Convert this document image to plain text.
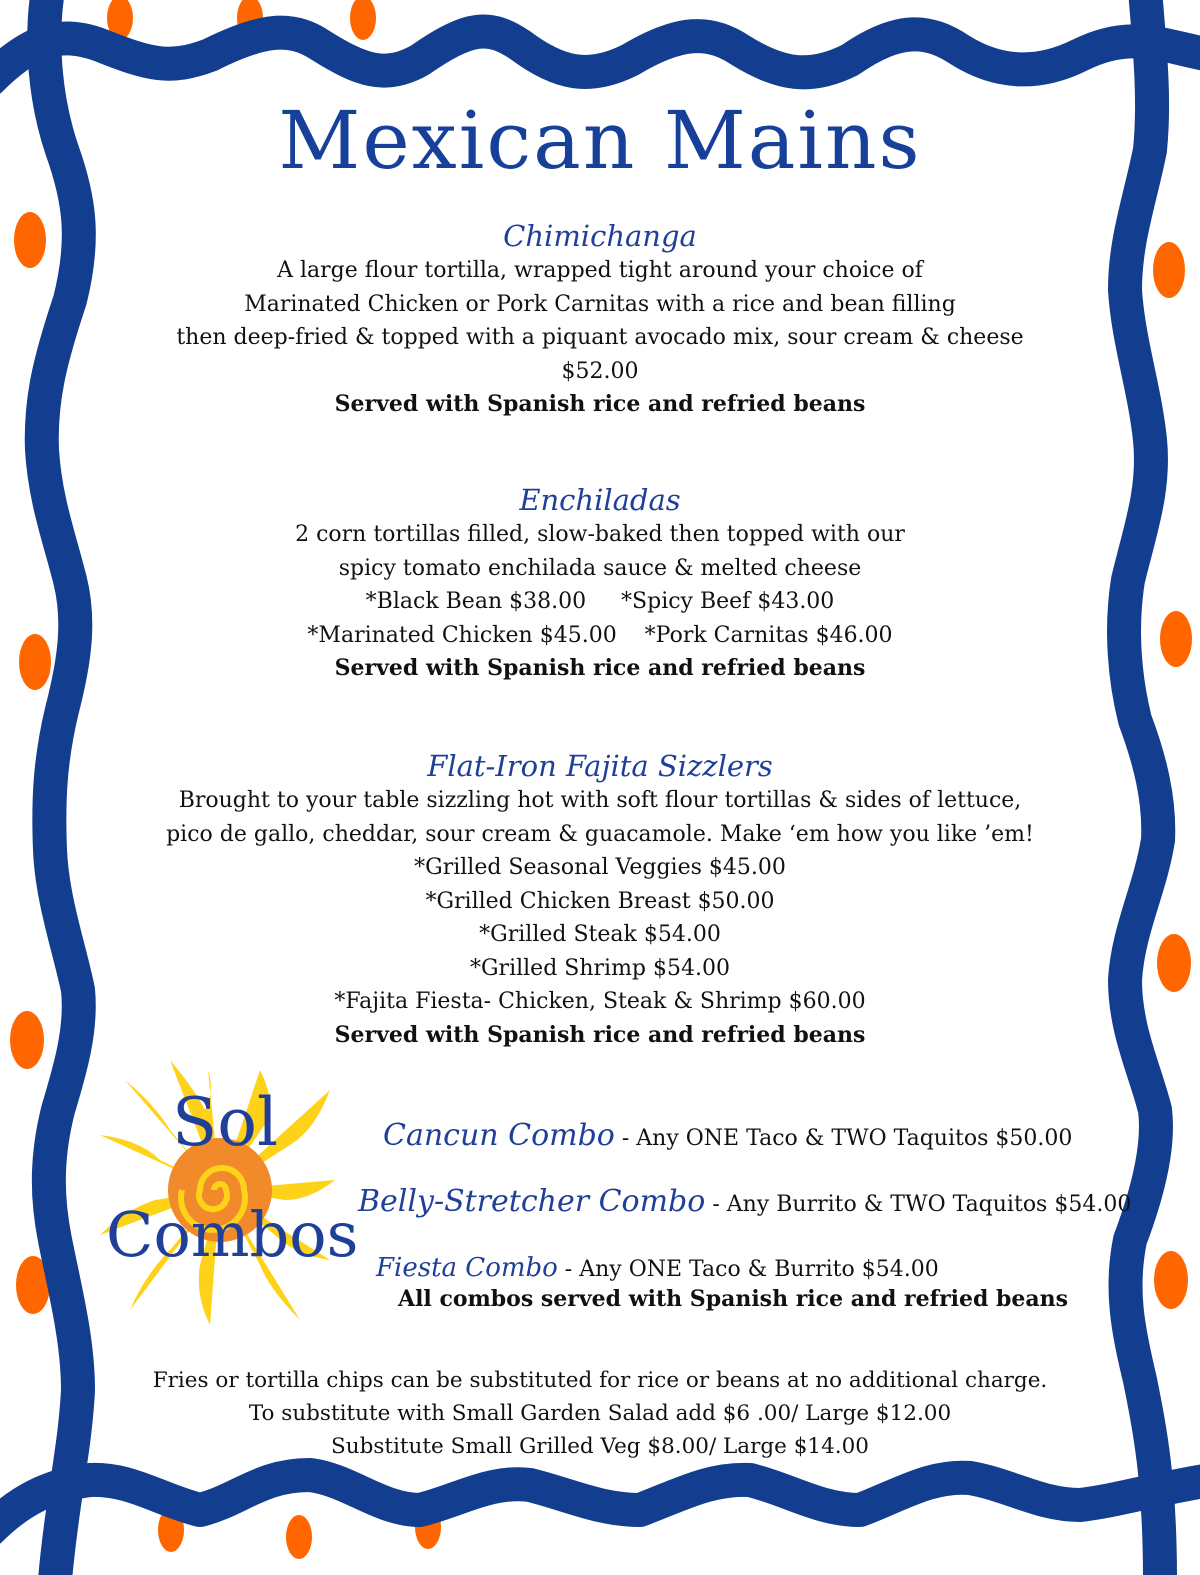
Mexican Mains
Chimichanga
A large flour tortilla, wrapped tight around your choice of
Marinated Chicken or Pork Carnitas with a rice and bean filling
then deep-fried & topped with a piquant avocado mix, sour cream & cheese
$52.00
Served with Spanish rice and refried beans
Enchiladas
2 corn tortillas filled, slow-baked then topped with our
spicy tomato enchilada sauce & melted cheese
*Black Bean $38.00     *Spicy Beef $43.00
*Marinated Chicken $45.00    *Pork Carnitas $46.00
Served with Spanish rice and refried beans
Flat-Iron Fajita Sizzlers
Brought to your table sizzling hot with soft flour tortillas & sides of lettuce,
pico de gallo, cheddar, sour cream & guacamole. Make ‘em how you like ’em!
*Grilled Seasonal Veggies $45.00
*Grilled Chicken Breast $50.00
*Grilled Steak $54.00
*Grilled Shrimp $54.00
*Fajita Fiesta- Chicken, Steak & Shrimp $60.00
Served with Spanish rice and refried beans
Sol
Combos
Cancun Combo - Any ONE Taco & TWO Taquitos $50.00
Belly-Stretcher Combo - Any Burrito & TWO Taquitos $54.00
Fiesta Combo - Any ONE Taco & Burrito $54.00
All combos served with Spanish rice and refried beans
Fries or tortilla chips can be substituted for rice or beans at no additional charge.
To substitute with Small Garden Salad add $6 .00/ Large $12.00
Substitute Small Grilled Veg $8.00/ Large $14.00
